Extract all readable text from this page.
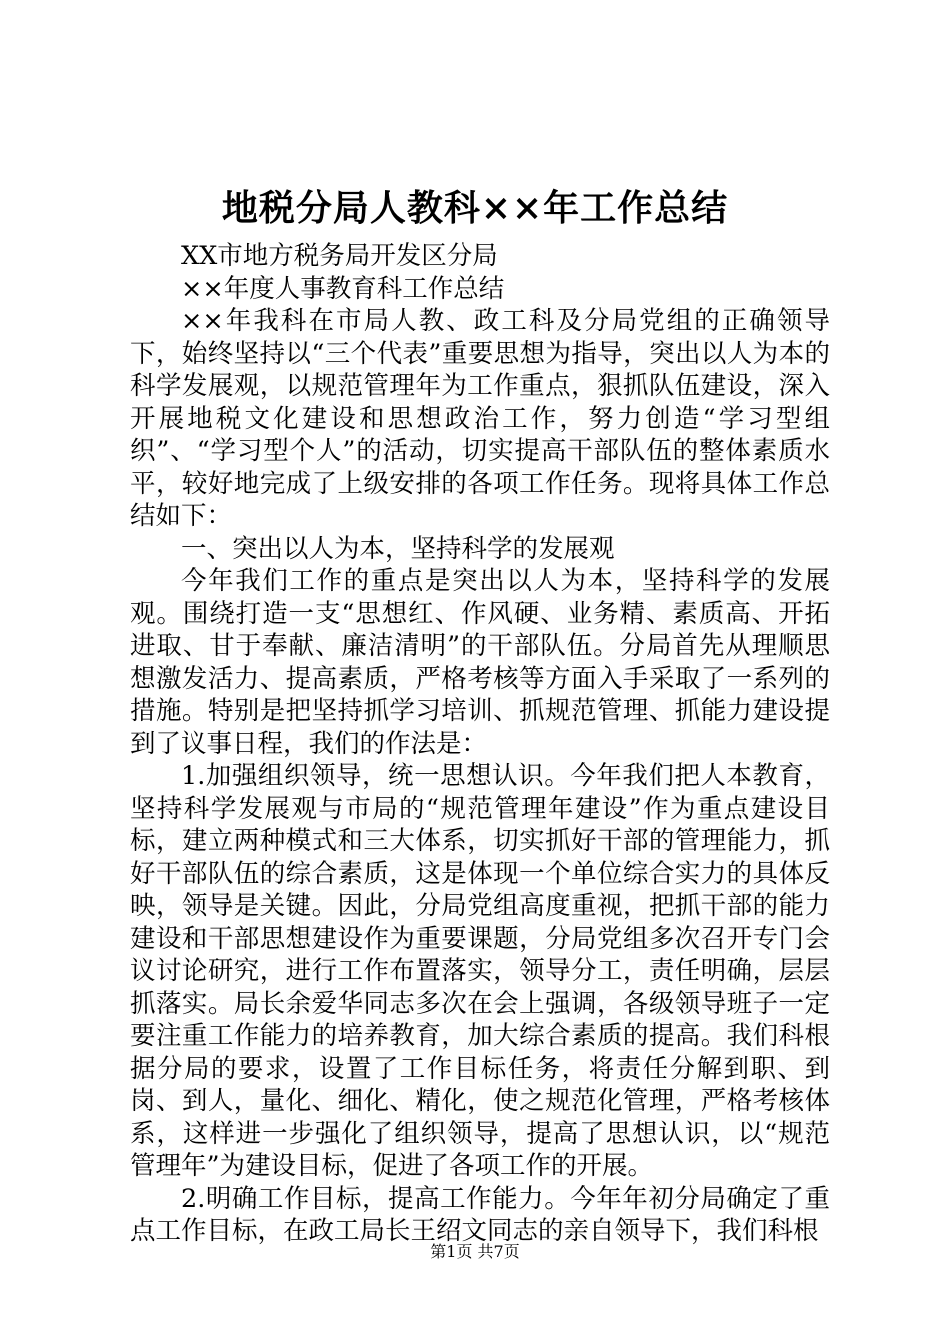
地税分局人教科××年工作总结

XX市地方税务局开发区分局

××年度人事教育科工作总结

××年我科在市局人教、政工科及分局党组的正确领导下，始终坚持以“三个代表”重要思想为指导，突出以人为本的科学发展观，以规范管理年为工作重点，狠抓队伍建设，深入开展地税文化建设和思想政治工作，努力创造“学习型组织”、“学习型个人”的活动，切实提高干部队伍的整体素质水平，较好地完成了上级安排的各项工作任务。现将具体工作总结如下：

一、突出以人为本，坚持科学的发展观

今年我们工作的重点是突出以人为本，坚持科学的发展观。围绕打造一支“思想红、作风硬、业务精、素质高、开拓进取、甘于奉献、廉洁清明”的干部队伍。分局首先从理顺思想激发活力、提高素质，严格考核等方面入手采取了一系列的措施。特别是把坚持抓学习培训、抓规范管理、抓能力建设提到了议事日程，我们的作法是：

1.加强组织领导，统一思想认识。今年我们把人本教育，坚持科学发展观与市局的“规范管理年建设”作为重点建设目标，建立两种模式和三大体系，切实抓好干部的管理能力，抓好干部队伍的综合素质，这是体现一个单位综合实力的具体反映，领导是关键。因此，分局党组高度重视，把抓干部的能力建设和干部思想建设作为重要课题，分局党组多次召开专门会议讨论研究，进行工作布置落实，领导分工，责任明确，层层抓落实。局长余爱华同志多次在会上强调，各级领导班子一定要注重工作能力的培养教育，加大综合素质的提高。我们科根据分局的要求，设置了工作目标任务，将责任分解到职、到岗、到人，量化、细化、精化，使之规范化管理，严格考核体系，这样进一步强化了组织领导，提高了思想认识，以“规范管理年”为建设目标，促进了各项工作的开展。

2.明确工作目标，提高工作能力。今年年初分局确定了重点工作目标，在政工局长王绍文同志的亲自领导下，我们科根

第1页 共7页
